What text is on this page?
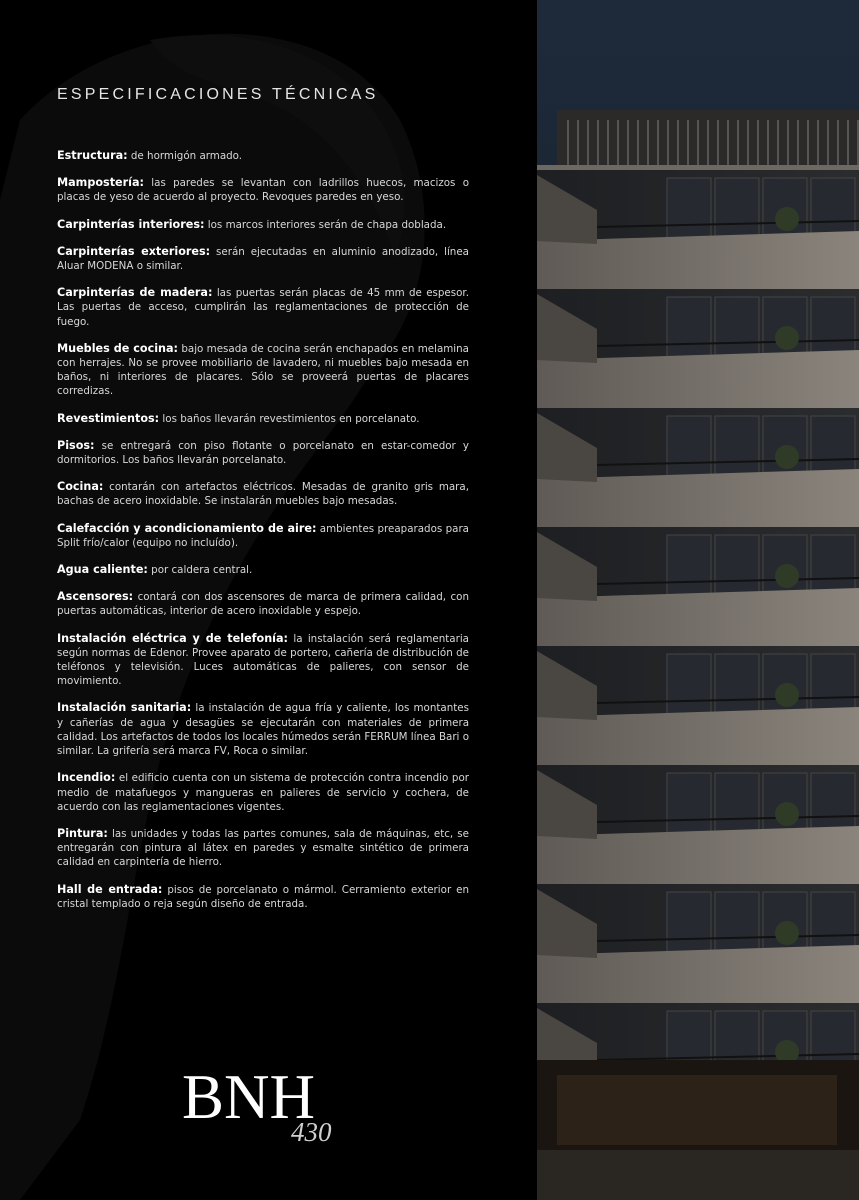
ESPECIFICACIONES TÉCNICAS

Estructura: de hormigón armado.

Mampostería: las paredes se levantan con ladrillos huecos, macizos o placas de yeso de acuerdo al proyecto. Revoques paredes en yeso.

Carpinterías interiores: los marcos interiores serán de chapa doblada.

Carpinterías exteriores: serán ejecutadas en aluminio anodizado, línea Aluar MODENA o similar.

Carpinterías de madera: las puertas serán placas de 45 mm de espesor. Las puertas de acceso, cumplirán las reglamentaciones de protección de fuego.

Muebles de cocina: bajo mesada de cocina serán enchapados en melamina con herrajes. No se provee mobiliario de lavadero, ni muebles bajo mesada en baños, ni interiores de placares. Sólo se proveerá puertas de placares corredizas.

Revestimientos: los baños llevarán revestimientos en porcelanato.

Pisos: se entregará con piso flotante o porcelanato en estar-comedor y dormitorios. Los baños llevarán porcelanato.

Cocina: contarán con artefactos eléctricos. Mesadas de granito gris mara, bachas de acero inoxidable. Se instalarán muebles bajo mesadas.

Calefacción y acondicionamiento de aire: ambientes preaparados para Split frío/calor (equipo no incluído).

Agua caliente: por caldera central.

Ascensores: contará con dos ascensores de marca de primera calidad, con puertas automáticas, interior de acero inoxidable y espejo.

Instalación eléctrica y de telefonía: la instalación será reglamentaria según normas de Edenor. Provee aparato de portero, cañería de distribución de teléfonos y televisión. Luces automáticas de palieres, con sensor de movimiento.

Instalación sanitaria: la instalación de agua fría y caliente, los montantes y cañerías de agua y desagües se ejecutarán con materiales de primera calidad. Los artefactos de todos los locales húmedos serán FERRUM línea Bari o similar. La grifería será marca FV, Roca o similar.

Incendio: el edificio cuenta con un sistema de protección contra incendio por medio de matafuegos y mangueras en palieres de servicio y cochera, de acuerdo con las reglamentaciones vigentes.

Pintura: las unidades y todas las partes comunes, sala de máquinas, etc, se entregarán con pintura al látex en paredes y esmalte sintético de primera calidad en carpintería de hierro.

Hall de entrada: pisos de porcelanato o mármol. Cerramiento exterior en cristal templado o reja según diseño de entrada.

BNH
430
